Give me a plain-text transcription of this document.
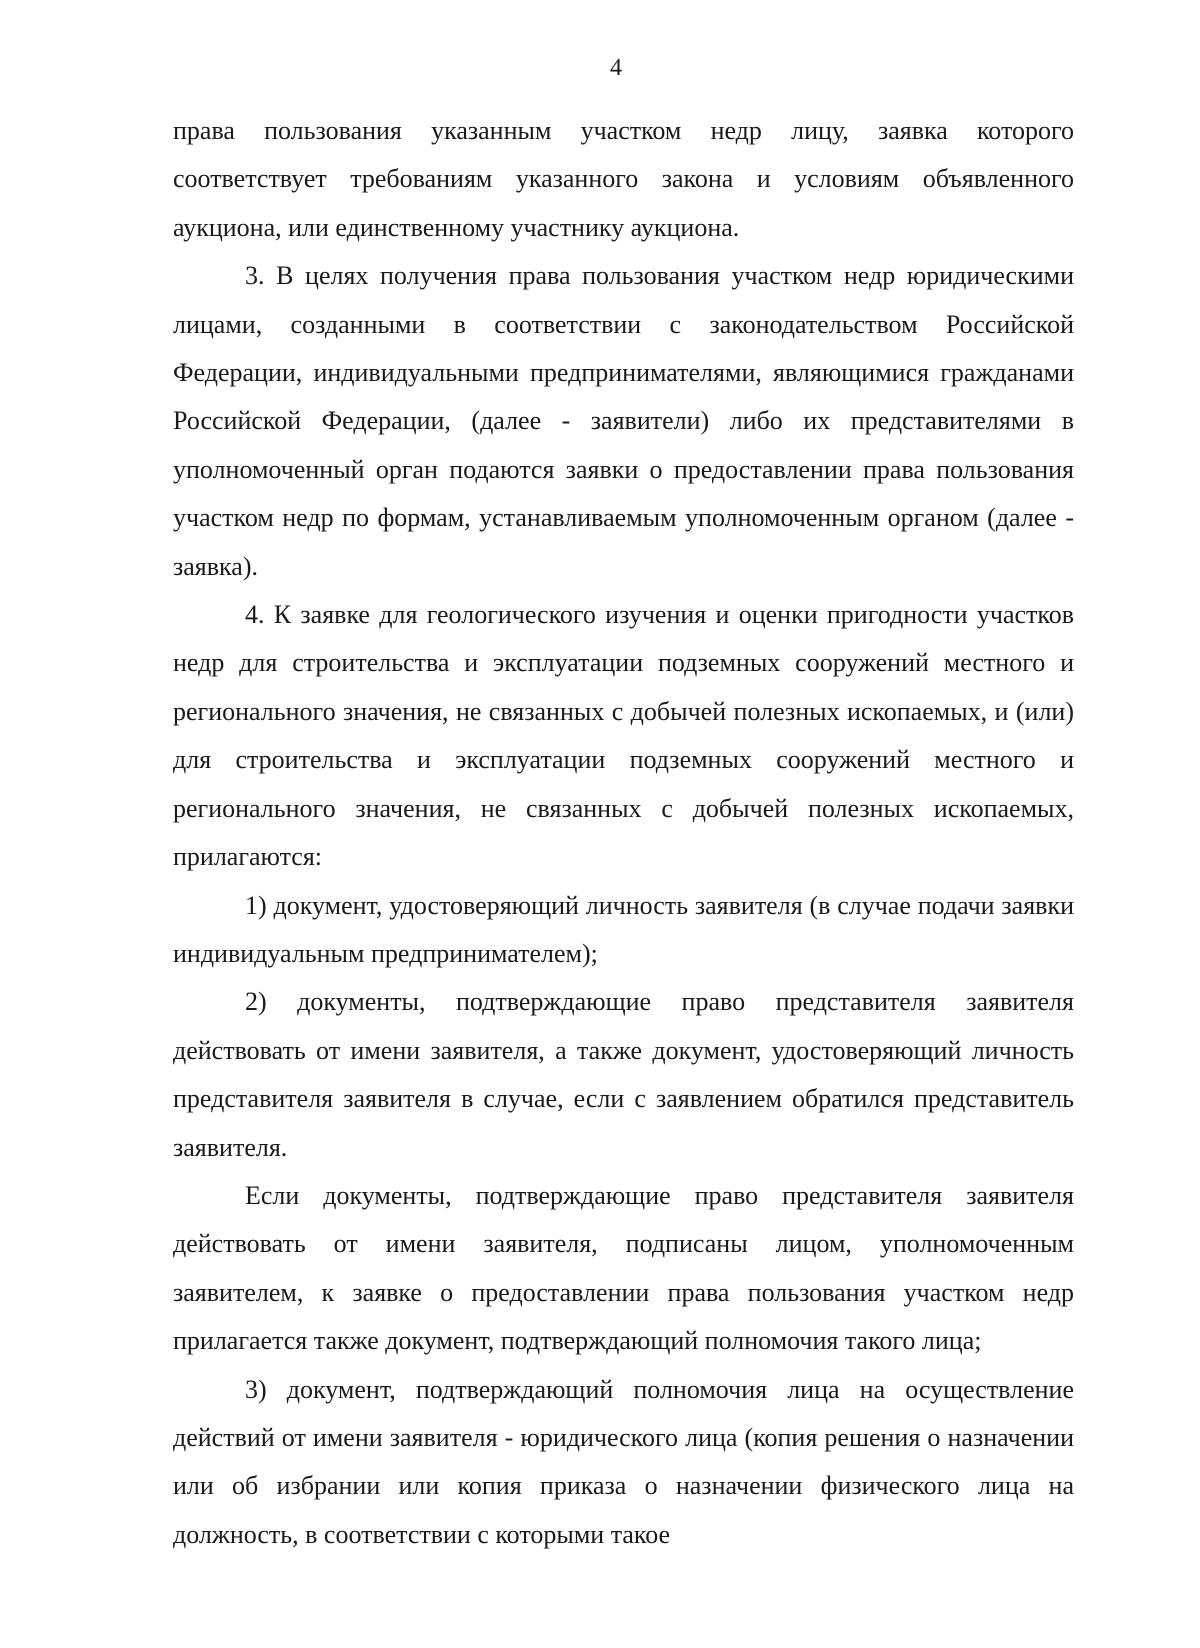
4

права пользования указанным участком недр лицу, заявка которого соответствует требованиям указанного закона и условиям объявленного аукциона, или единственному участнику аукциона.

3. В целях получения права пользования участком недр юридическими лицами, созданными в соответствии с законодательством Российской Федерации, индивидуальными предпринимателями, являющимися гражданами Российской Федерации, (далее - заявители) либо их представителями в уполномоченный орган подаются заявки о предоставлении права пользования участком недр по формам, устанавливаемым уполномоченным органом (далее - заявка).

4. К заявке для геологического изучения и оценки пригодности участков недр для строительства и эксплуатации подземных сооружений местного и регионального значения, не связанных с добычей полезных ископаемых, и (или) для строительства и эксплуатации подземных сооружений местного и регионального значения, не связанных с добычей полезных ископаемых, прилагаются:

1) документ, удостоверяющий личность заявителя (в случае подачи заявки индивидуальным предпринимателем);

2) документы, подтверждающие право представителя заявителя действовать от имени заявителя, а также документ, удостоверяющий личность представителя заявителя в случае, если с заявлением обратился представитель заявителя.

Если документы, подтверждающие право представителя заявителя действовать от имени заявителя, подписаны лицом, уполномоченным заявителем, к заявке о предоставлении права пользования участком недр прилагается также документ, подтверждающий полномочия такого лица;

3) документ, подтверждающий полномочия лица на осуществление действий от имени заявителя - юридического лица (копия решения о назначении или об избрании или копия приказа о назначении физического лица на должность, в соответствии с которыми такое
